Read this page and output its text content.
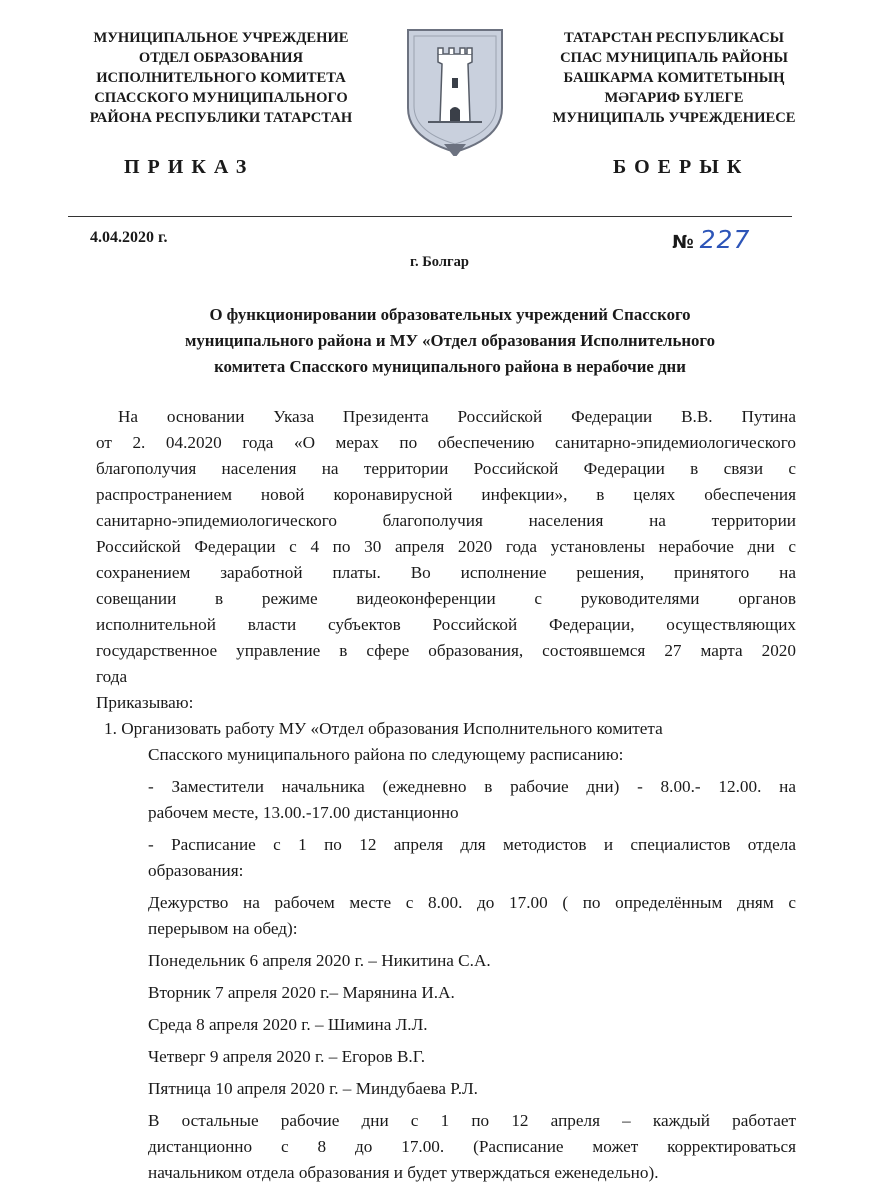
МУНИЦИПАЛЬНОЕ УЧРЕЖДЕНИЕ
ОТДЕЛ ОБРАЗОВАНИЯ
ИСПОЛНИТЕЛЬНОГО КОМИТЕТА
СПАССКОГО МУНИЦИПАЛЬНОГО
РАЙОНА РЕСПУБЛИКИ ТАТАРСТАН
ТАТАРСТАН РЕСПУБЛИКАСЫ
СПАС МУНИЦИПАЛЬ РАЙОНЫ
БАШКАРМА КОМИТЕТЫНЫҢ
МӘГАРИФ БҮЛЕГЕ
МУНИЦИПАЛЬ УЧРЕЖДЕНИЕСЕ
ПРИКАЗ	БОЕРЫК
4.04.2020 г.	№ 227
г. Болгар
О функционировании образовательных учреждений Спасского
муниципального района и МУ «Отдел образования Исполнительного
комитета Спасского муниципального района в нерабочие дни
На основании Указа Президента Российской Федерации В.В. Путина
от 2. 04.2020 года «О мерах по обеспечению санитарно-эпидемиологического
благополучия населения на территории Российской Федерации в связи с
распространением новой коронавирусной инфекции», в целях обеспечения
санитарно-эпидемиологического благополучия населения на территории
Российской Федерации с 4 по 30 апреля 2020 года установлены нерабочие дни с
сохранением заработной платы. Во исполнение решения, принятого на
совещании в режиме видеоконференции с руководителями органов
исполнительной власти субъектов Российской Федерации, осуществляющих
государственное управление в сфере образования, состоявшемся 27 марта 2020
года
Приказываю:
1. Организовать работу МУ «Отдел образования Исполнительного комитета
Спасского муниципального района по следующему расписанию:
- Заместители начальника (ежедневно в рабочие дни) - 8.00.- 12.00. на
рабочем месте, 13.00.-17.00 дистанционно
- Расписание с 1 по 12 апреля для методистов и специалистов отдела
образования:
Дежурство на рабочем месте с 8.00. до 17.00 ( по определённым дням с
перерывом на обед):
Понедельник 6 апреля 2020 г. – Никитина С.А.
Вторник 7 апреля 2020 г.– Марянина И.А.
Среда 8 апреля 2020 г. – Шимина Л.Л.
Четверг 9 апреля 2020 г. – Егоров В.Г.
Пятница 10 апреля 2020 г. – Миндубаева Р.Л.
В остальные рабочие дни с 1 по 12 апреля – каждый работает
дистанционно с 8 до 17.00. (Расписание может корректироваться
начальником отдела образования и будет утверждаться еженедельно).
